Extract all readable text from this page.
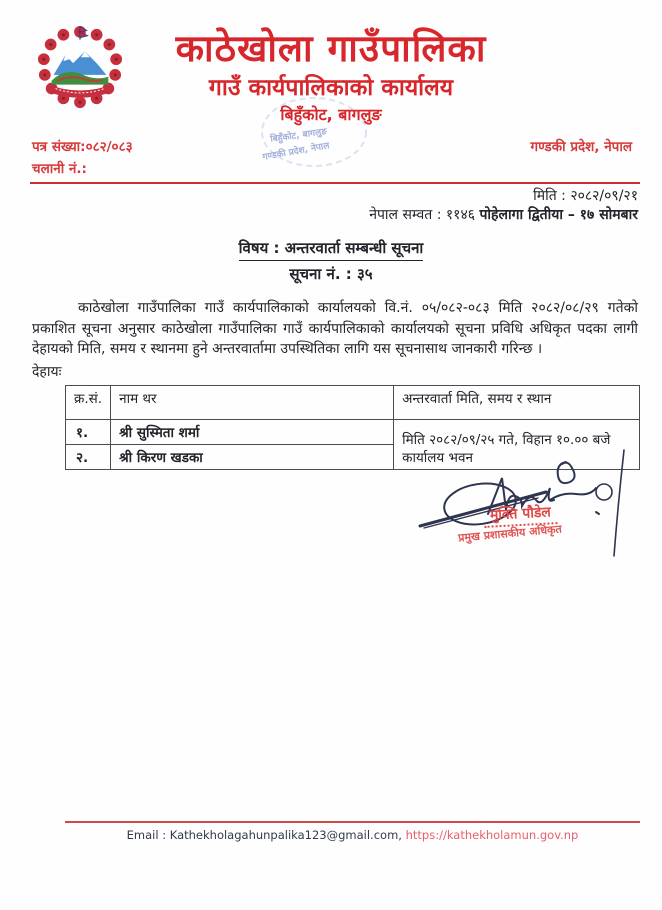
बिहुँकोट, बागलुङ
गण्डकी प्रदेश, नेपाल
काठेखोला गाउँपालिका
गाउँ कार्यपालिकाको कार्यालय
बिहुँकोट, बागलुङ
पत्र संख्या:०८२/०८३	गण्डकी प्रदेश, नेपाल
चलानी नं.:
मिति : २०८२/०९/२१
नेपाल सम्वत : ११४६ पोहेलागा द्वितीया – १७ सोमबार
विषय : अन्तरवार्ता सम्बन्धी सूचना
सूचना नं. : ३५

काठेखोला गाउँपालिका गाउँ कार्यपालिकाको कार्यालयको वि.नं. ०५/०८२-०८३ मिति २०८२/०८/२९ गतेको प्रकाशित सूचना अनुसार काठेखोला गाउँपालिका गाउँ कार्यपालिकाको कार्यालयको सूचना प्रविधि अधिकृत पदका लागी देहायको मिति, समय र स्थानमा हुने अन्तरवार्तामा उपस्थितिका लागि यस सूचनासाथ जानकारी गरिन्छ ।

देहायः
क्र.सं.	नाम थर	अन्तरवार्ता मिति, समय र स्थान
१.	श्री सुस्मिता शर्मा	मिति २०८२/०९/२५ गते, विहान १०.०० बजे कार्यालय भवन
२.	श्री किरण खडका	
मुक्ति पौडेल
प्रमुख प्रशासकीय अधिकृत
Email : Kathekholagahunpalika123@gmail.com, https://kathekholamun.gov.np
